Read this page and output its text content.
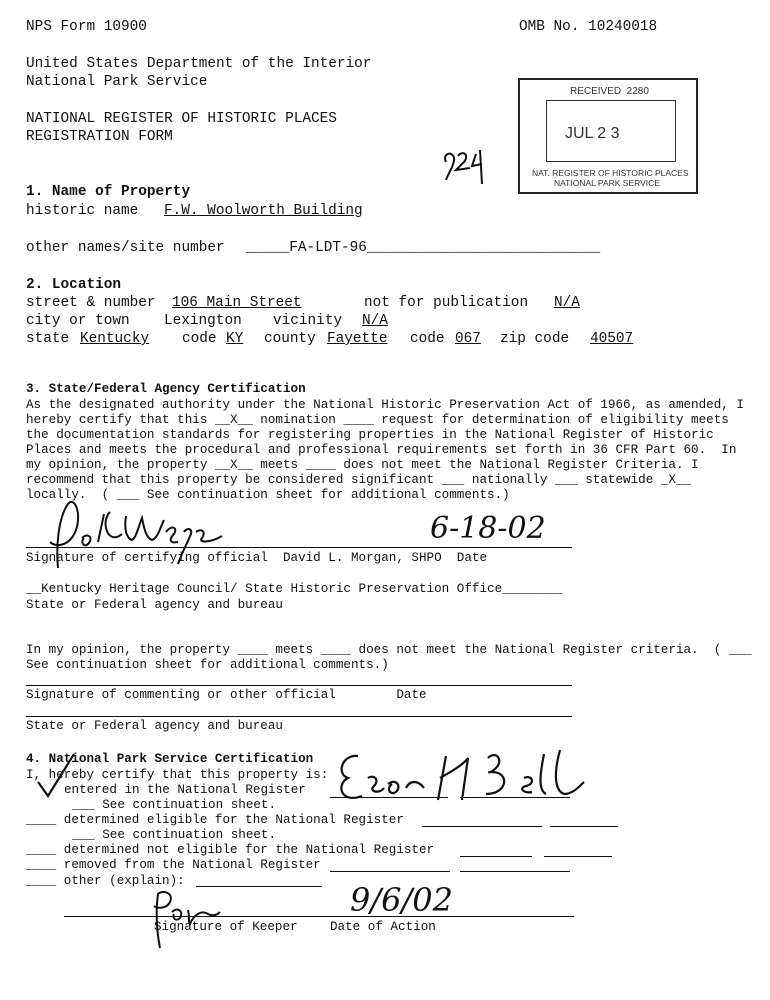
NPS Form 10900	OMB No. 10240018
United States Department of the Interior
National Park Service
NATIONAL REGISTER OF HISTORIC PLACES
REGISTRATION FORM
RECEIVED  2280
NAT. REGISTER OF HISTORIC PLACES
NATIONAL PARK SERVICE
JUL 2 3
1. Name of Property
historic name F.W. Woolworth Building
other names/site number _____FA-LDT-96___________________________
2. Location
street & number 106 Main Street	not for publication N/A
city or town Lexington vicinity N/A
state Kentucky code KY county Fayette code 067 zip code 40507
3. State/Federal Agency Certification
As the designated authority under the National Historic Preservation Act of 1966, as amended, I
hereby certify that this __X__ nomination ____ request for determination of eligibility meets
the documentation standards for registering properties in the National Register of Historic
Places and meets the procedural and professional requirements set forth in 36 CFR Part 60.  In
my opinion, the property __X__ meets ____ does not meet the National Register Criteria. I
recommend that this property be considered significant ___ nationally ___ statewide _X__
locally.  ( ___ See continuation sheet for additional comments.)
6-18-02
Signature of certifying official  David L. Morgan, SHPO  Date
__Kentucky Heritage Council/ State Historic Preservation Office________
State or Federal agency and bureau
In my opinion, the property ____ meets ____ does not meet the National Register criteria.  ( ___
See continuation sheet for additional comments.)
Signature of commenting or other official        Date
State or Federal agency and bureau
4. National Park Service Certification
I, hereby certify that this property is:
entered in the National Register
___ See continuation sheet.
____ determined eligible for the National Register
___ See continuation sheet.
____ determined not eligible for the National Register
____ removed from the National Register
____ other (explain):	9/6/02
Signature of Keeper	Date of Action
